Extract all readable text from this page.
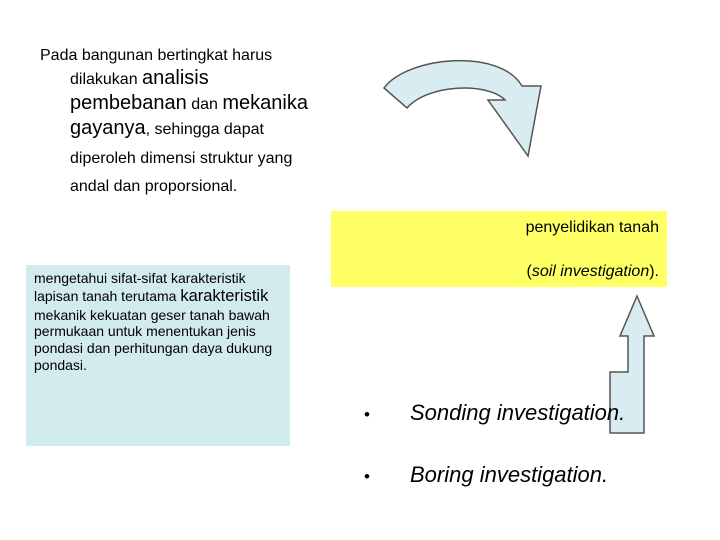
Pada bangunan bertingkat harus
dilakukan analisis
pembebanan dan mekanika
gayanya, sehingga dapat
diperoleh dimensi struktur yang
andal dan proporsional.
penyelidikan tanah
(soil investigation).
mengetahui sifat-sifat karakteristik lapisan tanah terutama karakteristik mekanik kekuatan geser tanah bawah permukaan untuk menentukan jenis pondasi dan perhitungan daya dukung pondasi.
• Sonding investigation.
• Boring investigation.
